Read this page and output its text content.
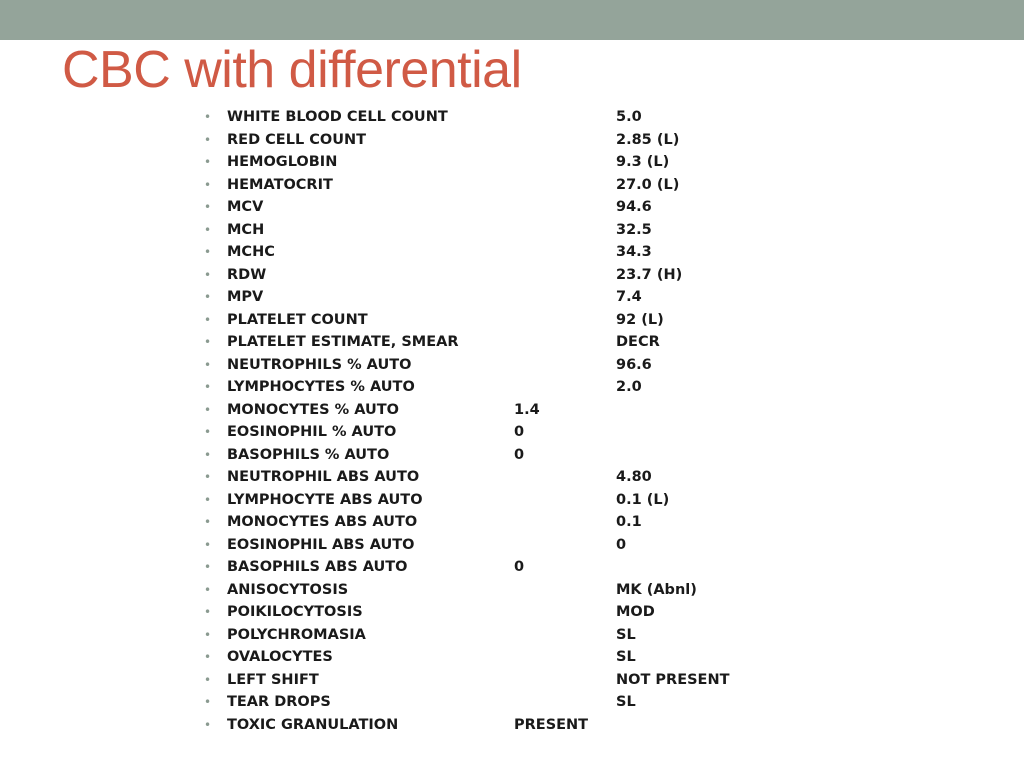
CBC with differential
• WHITE BLOOD CELL COUNT	5.0
• RED CELL COUNT	2.85 (L)
• HEMOGLOBIN	9.3 (L)
• HEMATOCRIT	27.0 (L)
• MCV	94.6
• MCH	32.5
• MCHC	34.3
• RDW	23.7 (H)
• MPV	7.4
• PLATELET COUNT	92 (L)
• PLATELET ESTIMATE, SMEAR	DECR
• NEUTROPHILS % AUTO	96.6
• LYMPHOCYTES % AUTO	2.0
• MONOCYTES % AUTO	1.4
• EOSINOPHIL % AUTO	0
• BASOPHILS % AUTO	0
• NEUTROPHIL ABS AUTO	4.80
• LYMPHOCYTE ABS AUTO	0.1 (L)
• MONOCYTES ABS AUTO	0.1
• EOSINOPHIL ABS AUTO	0
• BASOPHILS ABS AUTO	0
• ANISOCYTOSIS	MK (Abnl)
• POIKILOCYTOSIS	MOD
• POLYCHROMASIA	SL
• OVALOCYTES	SL
• LEFT SHIFT	NOT PRESENT
• TEAR DROPS	SL
• TOXIC GRANULATION	PRESENT
